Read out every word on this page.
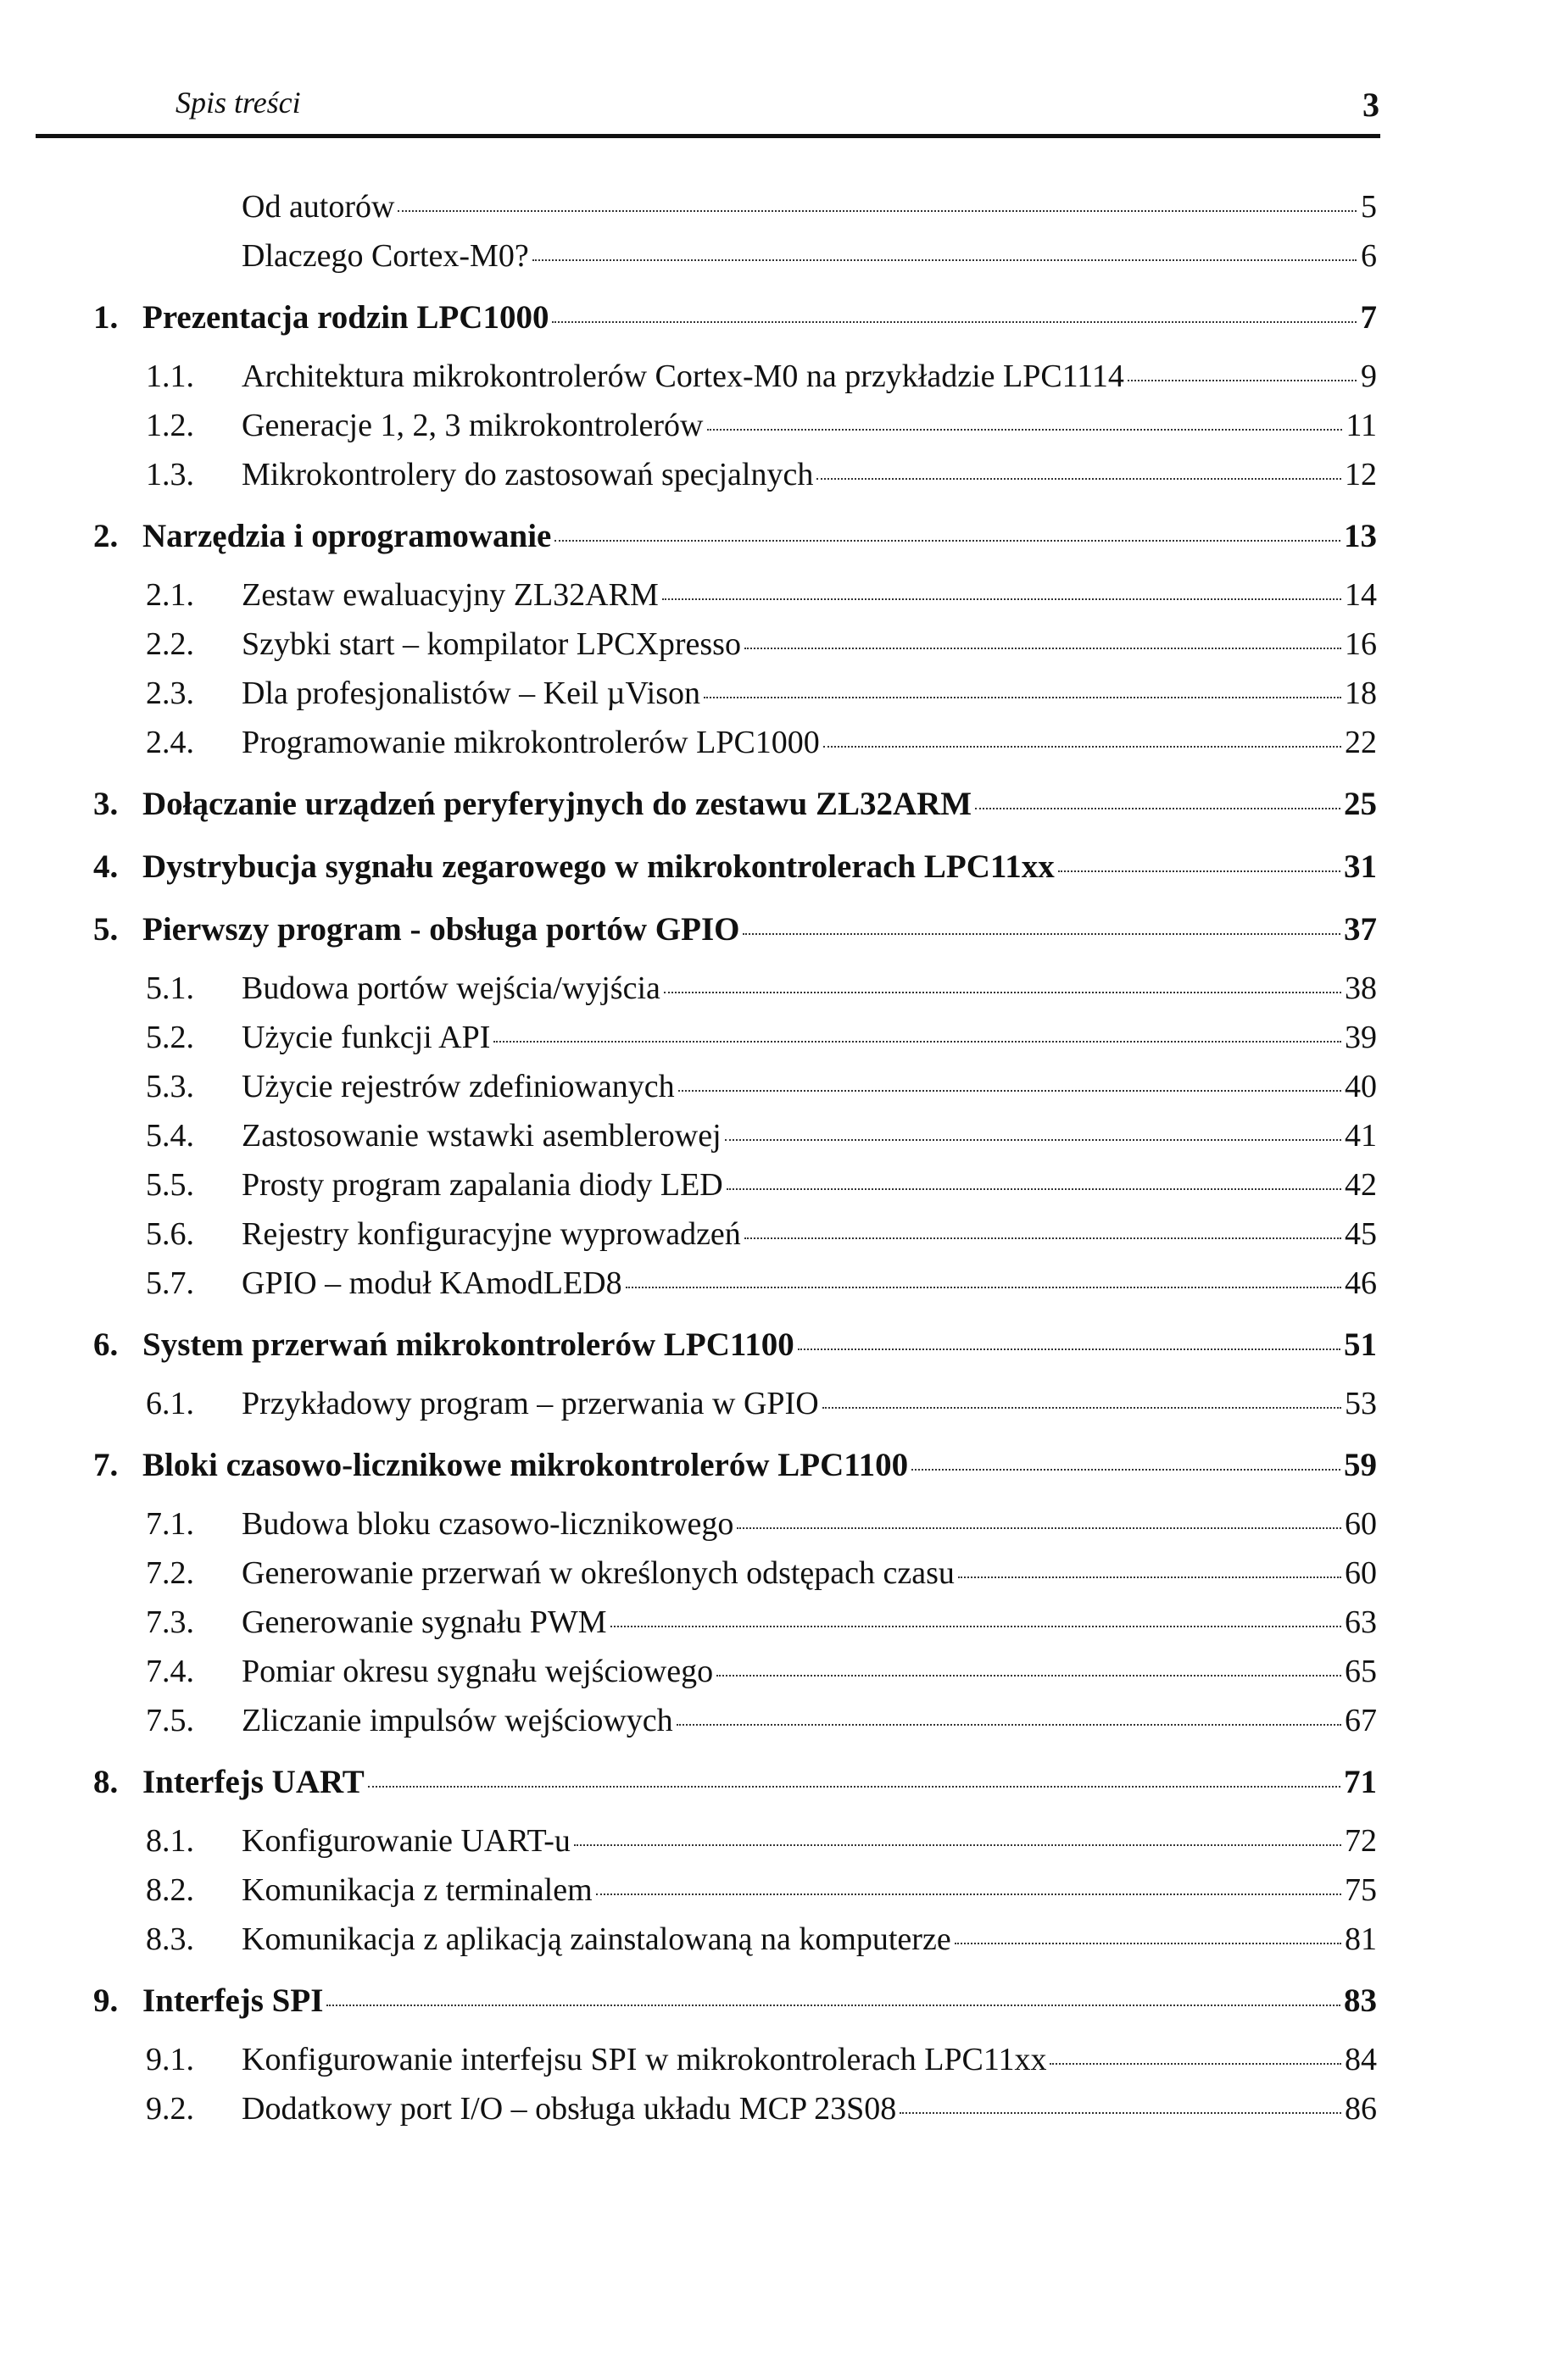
Spis treści	3
Od autorów	5
Dlaczego Cortex-M0?	6
1. Prezentacja rodzin LPC1000	7
1.1. Architektura mikrokontrolerów Cortex-M0 na przykładzie LPC1114	9
1.2. Generacje 1, 2, 3 mikrokontrolerów	11
1.3. Mikrokontrolery do zastosowań specjalnych	12
2. Narzędzia i oprogramowanie	13
2.1. Zestaw ewaluacyjny ZL32ARM	14
2.2. Szybki start – kompilator LPCXpresso	16
2.3. Dla profesjonalistów – Keil µVison	18
2.4. Programowanie mikrokontrolerów LPC1000	22
3. Dołączanie urządzeń peryferyjnych do zestawu ZL32ARM	25
4. Dystrybucja sygnału zegarowego w mikrokontrolerach LPC11xx	31
5. Pierwszy program - obsługa portów GPIO	37
5.1. Budowa portów wejścia/wyjścia	38
5.2. Użycie funkcji API	39
5.3. Użycie rejestrów zdefiniowanych	40
5.4. Zastosowanie wstawki asemblerowej	41
5.5. Prosty program zapalania diody LED	42
5.6. Rejestry konfiguracyjne wyprowadzeń	45
5.7. GPIO – moduł KAmodLED8	46
6. System przerwań mikrokontrolerów LPC1100	51
6.1. Przykładowy program – przerwania w GPIO	53
7. Bloki czasowo-licznikowe mikrokontrolerów LPC1100	59
7.1. Budowa bloku czasowo-licznikowego	60
7.2. Generowanie przerwań w określonych odstępach czasu	60
7.3. Generowanie sygnału PWM	63
7.4. Pomiar okresu sygnału wejściowego	65
7.5. Zliczanie impulsów wejściowych	67
8. Interfejs UART	71
8.1. Konfigurowanie UART-u	72
8.2. Komunikacja z terminalem	75
8.3. Komunikacja z aplikacją zainstalowaną na komputerze	81
9. Interfejs SPI	83
9.1. Konfigurowanie interfejsu SPI w mikrokontrolerach LPC11xx	84
9.2. Dodatkowy port I/O – obsługa układu MCP 23S08	86
